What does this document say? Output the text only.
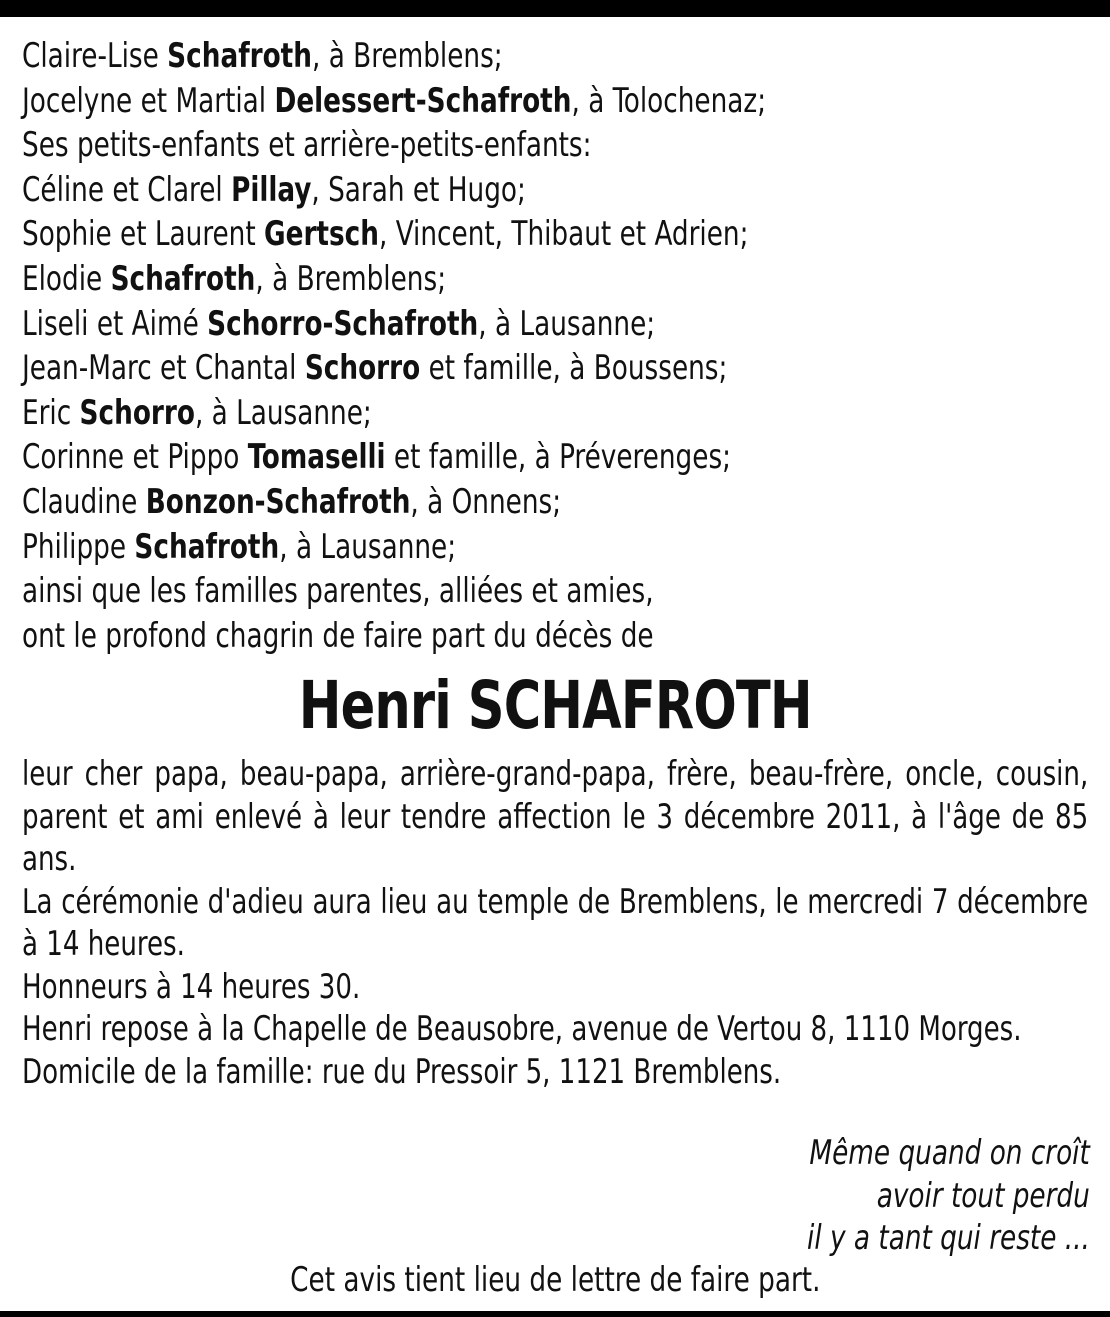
Claire-Lise Schafroth, à Bremblens;
Jocelyne et Martial Delessert-Schafroth, à Tolochenaz;
Ses petits-enfants et arrière-petits-enfants:
Céline et Clarel Pillay, Sarah et Hugo;
Sophie et Laurent Gertsch, Vincent, Thibaut et Adrien;
Elodie Schafroth, à Bremblens;
Liseli et Aimé Schorro-Schafroth, à Lausanne;
Jean-Marc et Chantal Schorro et famille, à Boussens;
Eric Schorro, à Lausanne;
Corinne et Pippo Tomaselli et famille, à Préverenges;
Claudine Bonzon-Schafroth, à Onnens;
Philippe Schafroth, à Lausanne;
ainsi que les familles parentes, alliées et amies,
ont le profond chagrin de faire part du décès de
Henri SCHAFROTH

leur cher papa, beau-papa, arrière-grand-papa, frère, beau-frère, oncle, cousin, parent et ami enlevé à leur tendre affection le 3 décembre 2011, à l'âge de 85 ans.

La cérémonie d'adieu aura lieu au temple de Bremblens, le mercredi 7 décembre à 14 heures.

Honneurs à 14 heures 30.

Henri repose à la Chapelle de Beausobre, avenue de Vertou 8, 1110 Morges.

Domicile de la famille: rue du Pressoir 5, 1121 Bremblens.

Même quand on croît
avoir tout perdu
il y a tant qui reste ...
Cet avis tient lieu de lettre de faire part.
